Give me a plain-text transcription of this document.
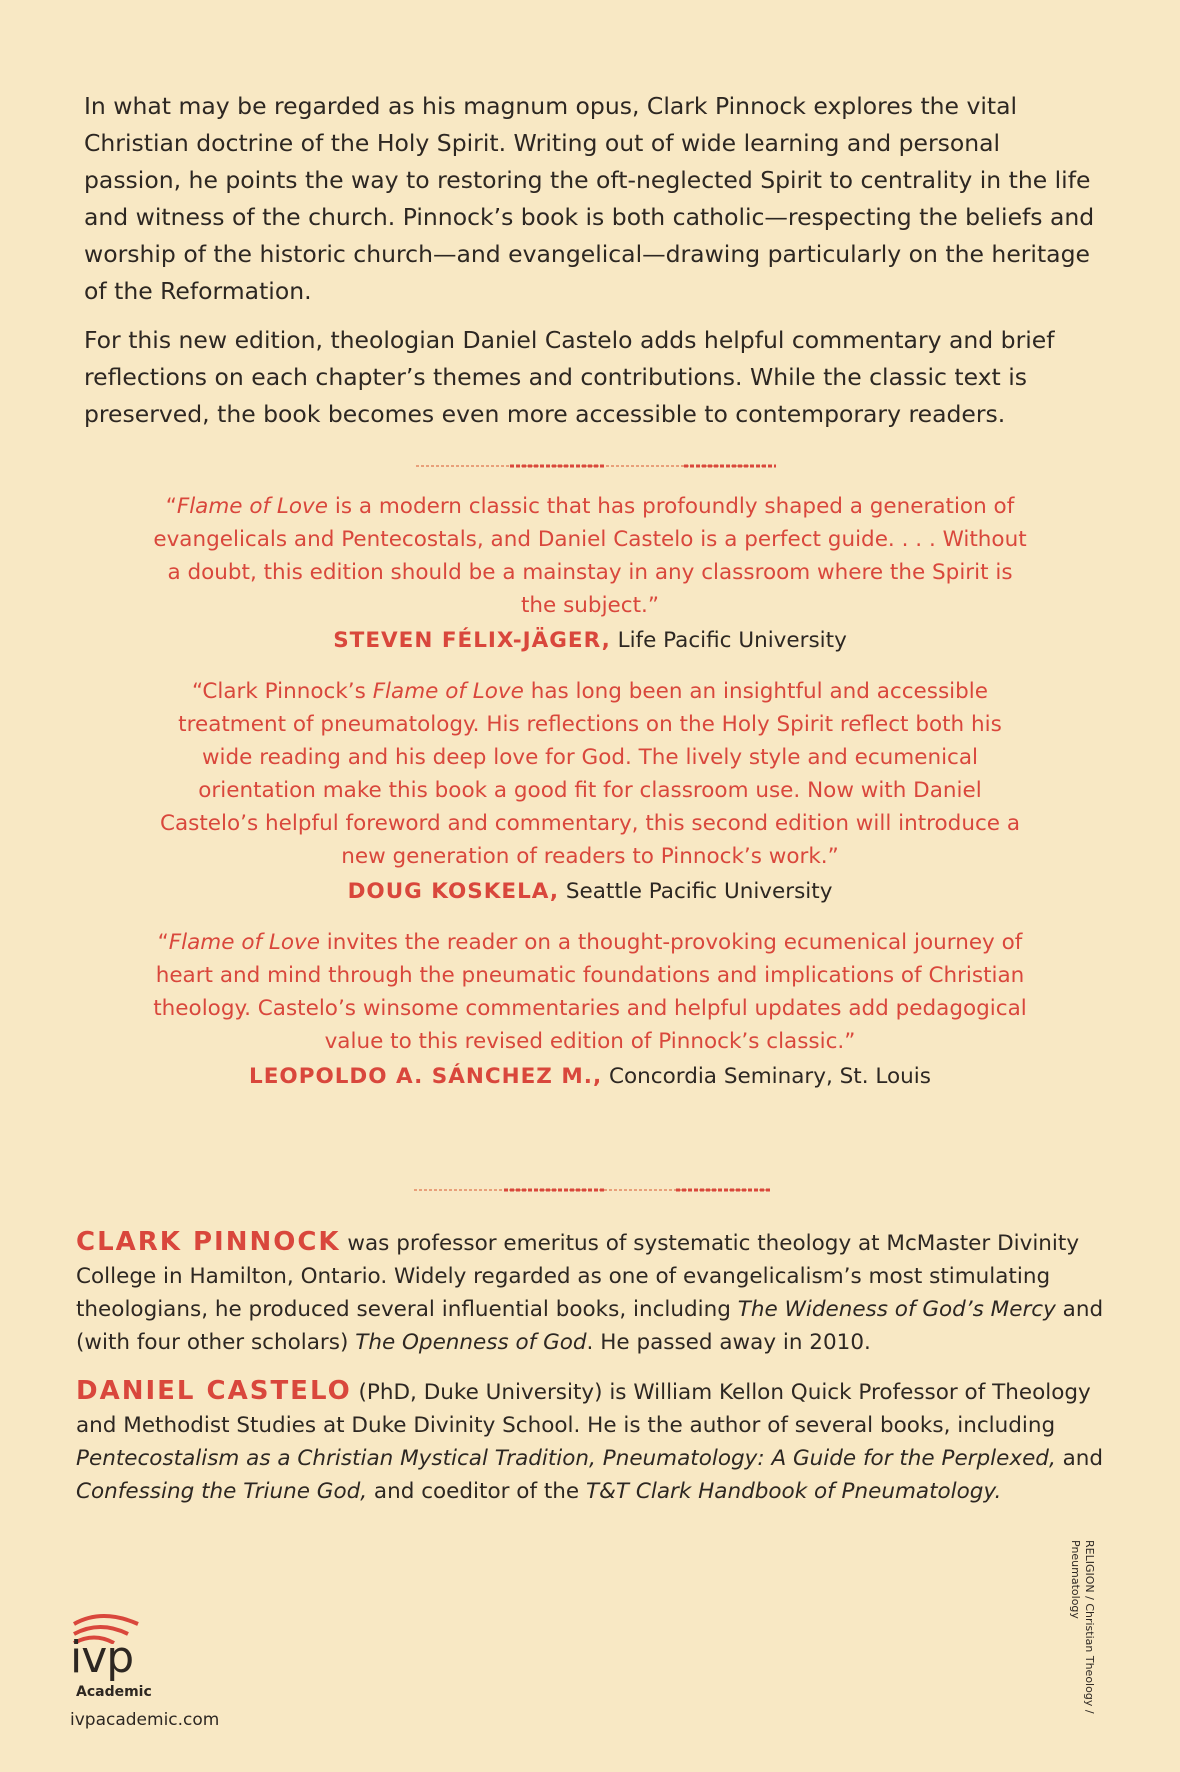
In what may be regarded as his magnum opus, Clark Pinnock explores the vital Christian doctrine of the Holy Spirit. Writing out of wide learning and personal passion, he points the way to restoring the oft-neglected Spirit to centrality in the life and witness of the church. Pinnock’s book is both catholic—respecting the beliefs and worship of the historic church—and evangelical—drawing particularly on the heritage of the Reformation.

For this new edition, theologian Daniel Castelo adds helpful commentary and brief reflections on each chapter’s themes and contributions. While the classic text is preserved, the book becomes even more accessible to contemporary readers.

“Flame of Love is a modern classic that has profoundly shaped a generation of evangelicals and Pentecostals, and Daniel Castelo is a perfect guide. . . . Without a doubt, this edition should be a mainstay in any classroom where the Spirit is the subject.”

STEVEN FÉLIX-JÄGER, Life Pacific University

“Clark Pinnock’s Flame of Love has long been an insightful and accessible treatment of pneumatology. His reflections on the Holy Spirit reflect both his wide reading and his deep love for God. The lively style and ecumenical orientation make this book a good fit for classroom use. Now with Daniel Castelo’s helpful foreword and commentary, this second edition will introduce a new generation of readers to Pinnock’s work.”

DOUG KOSKELA, Seattle Pacific University

“Flame of Love invites the reader on a thought-provoking ecumenical journey of heart and mind through the pneumatic foundations and implications of Christian theology. Castelo’s winsome commentaries and helpful updates add pedagogical value to this revised edition of Pinnock’s classic.”

LEOPOLDO A. SÁNCHEZ M., Concordia Seminary, St. Louis

CLARK PINNOCK was professor emeritus of systematic theology at McMaster Divinity College in Hamilton, Ontario. Widely regarded as one of evangelicalism’s most stimulating theologians, he produced several influential books, including The Wideness of God’s Mercy and (with four other scholars) The Openness of God. He passed away in 2010.

DANIEL CASTELO (PhD, Duke University) is William Kellon Quick Professor of Theology and Methodist Studies at Duke Divinity School. He is the author of several books, including Pentecostalism as a Christian Mystical Tradition, Pneumatology: A Guide for the Perplexed, and Confessing the Triune God, and coeditor of the T&T Clark Handbook of Pneumatology.

RELIGION / Christian Theology /
Pneumatology
ivp
Academic
ivpacademic.com
